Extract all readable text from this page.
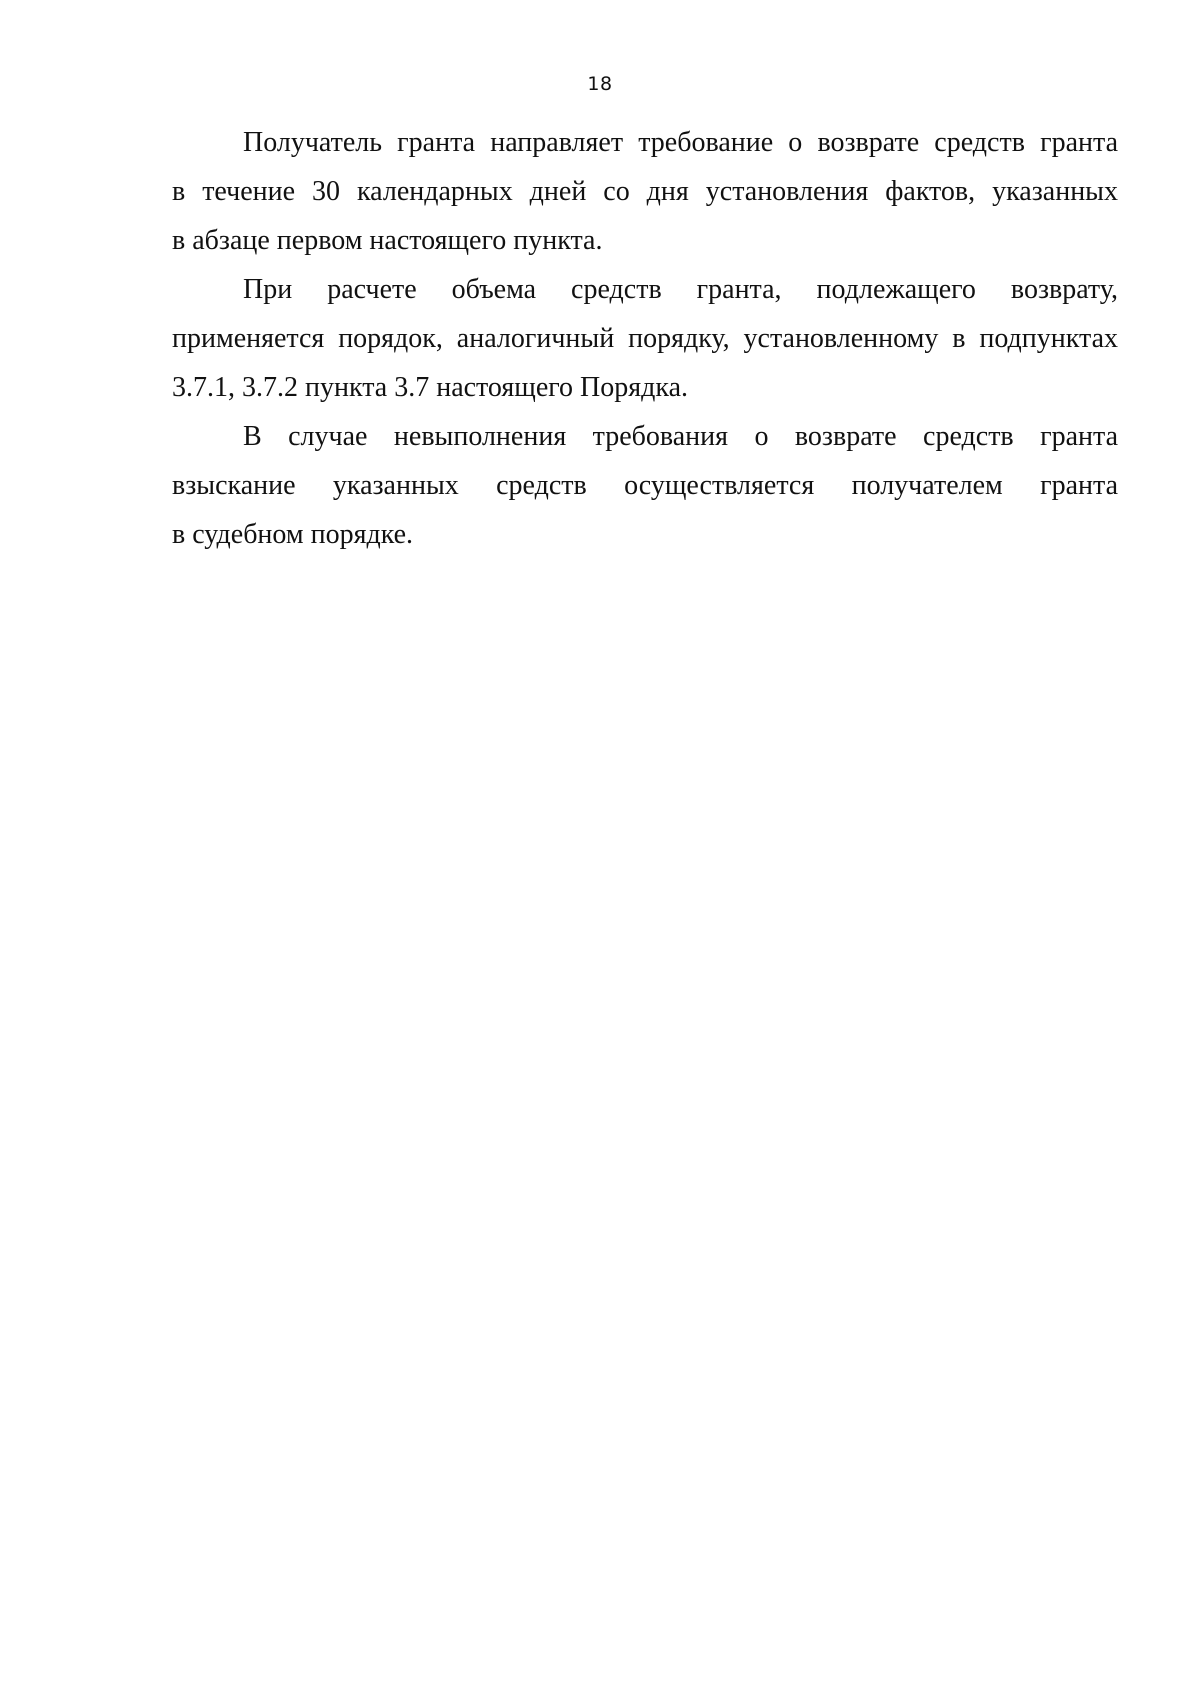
18
Получатель гранта направляет требование о возврате средств гранта
в течение 30 календарных дней со дня установления фактов, указанных
в абзаце первом настоящего пункта.
При расчете объема средств гранта, подлежащего возврату,
применяется порядок, аналогичный порядку, установленному в подпунктах
3.7.1, 3.7.2 пункта 3.7 настоящего Порядка.
В случае невыполнения требования о возврате средств гранта
взыскание указанных средств осуществляется получателем гранта
в судебном порядке.
